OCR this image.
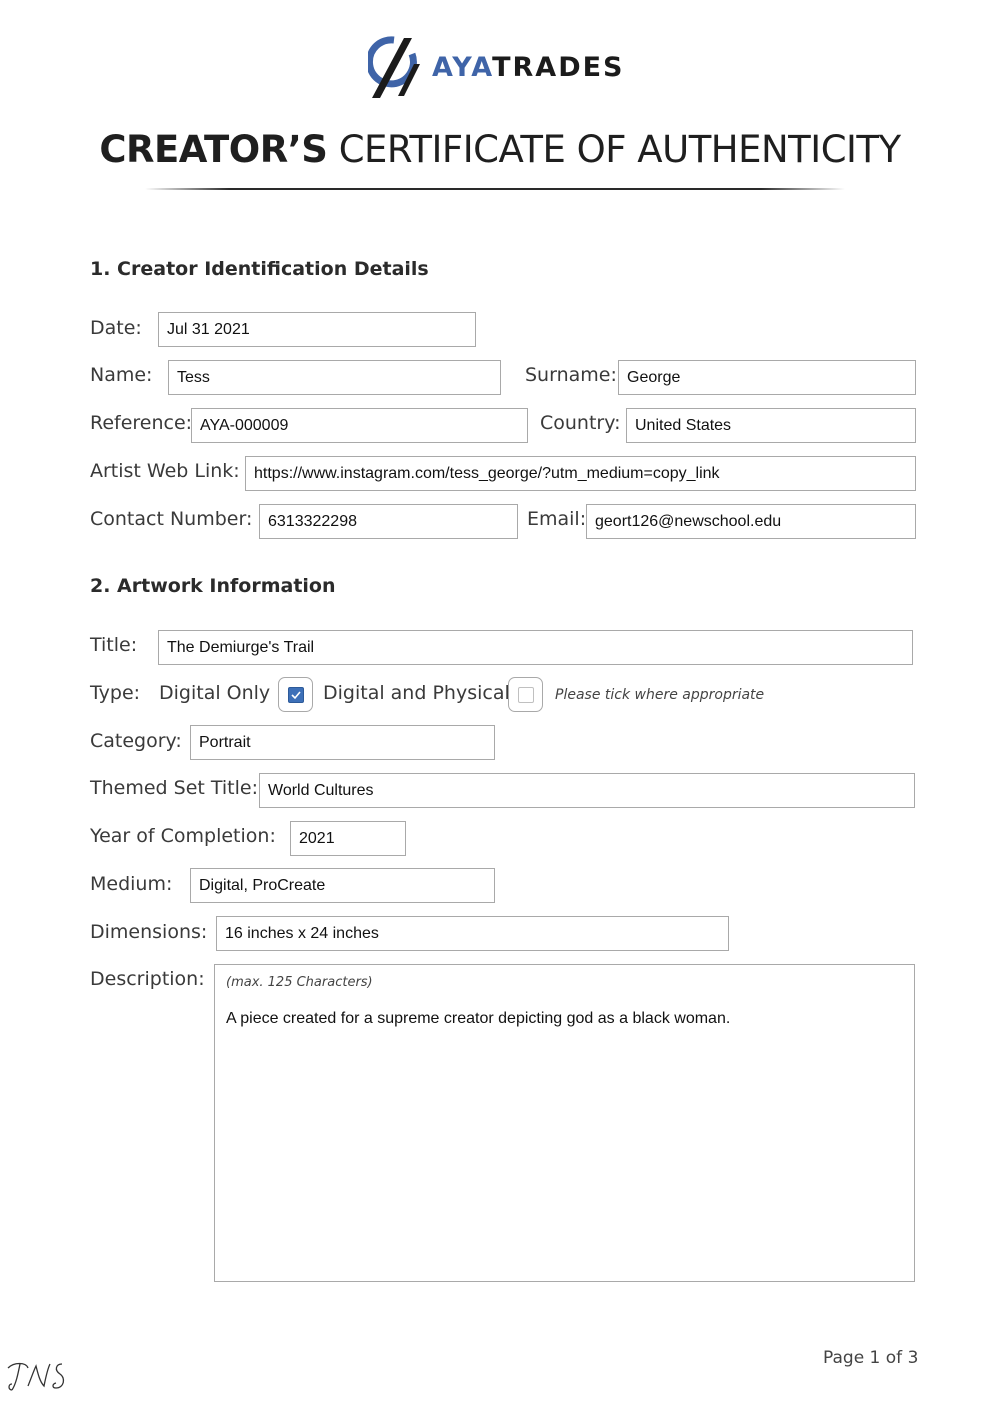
AYATRADES
CREATOR’S CERTIFICATE OF AUTHENTICITY
1. Creator Identification Details
Date:	Jul 31 2021
Name:	Tess	Surname: George
Reference: AYA-000009	Country: United States
Artist Web Link: https://www.instagram.com/tess_george/?utm_medium=copy_link
Contact Number: 6313322298	Email: geort126@newschool.edu
2. Artwork Information
Title:	The Demiurge's Trail
Type: Digital Only	Digital and Physical	Please tick where appropriate
Category:	Portrait
Themed Set Title: World Cultures
Year of Completion:	2021
Medium:	Digital, ProCreate
Dimensions:	16 inches x 24 inches
Description: (max. 125 Characters)
A piece created for a supreme creator depicting god as a black woman.
Page 1 of 3
